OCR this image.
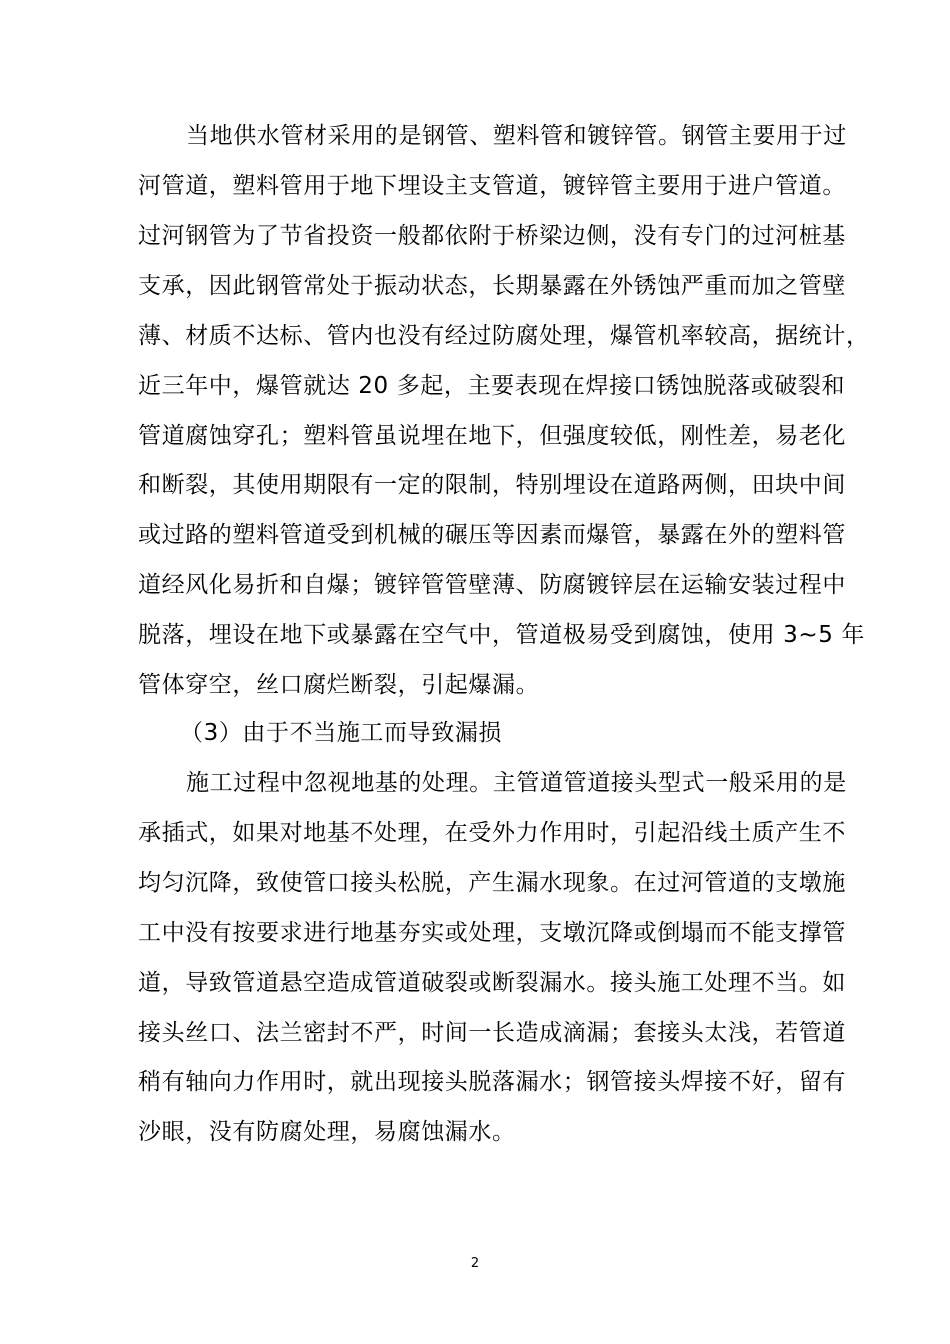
当地供水管材采用的是钢管、塑料管和镀锌管。钢管主要用于过
河管道，塑料管用于地下埋设主支管道，镀锌管主要用于进户管道。
过河钢管为了节省投资一般都依附于桥梁边侧，没有专门的过河桩基
支承，因此钢管常处于振动状态，长期暴露在外锈蚀严重而加之管壁
薄、材质不达标、管内也没有经过防腐处理，爆管机率较高，据统计，
近三年中，爆管就达 20 多起，主要表现在焊接口锈蚀脱落或破裂和
管道腐蚀穿孔；塑料管虽说埋在地下，但强度较低，刚性差，易老化
和断裂，其使用期限有一定的限制，特别埋设在道路两侧，田块中间
或过路的塑料管道受到机械的碾压等因素而爆管，暴露在外的塑料管
道经风化易折和自爆；镀锌管管壁薄、防腐镀锌层在运输安装过程中
脱落，埋设在地下或暴露在空气中，管道极易受到腐蚀，使用 3~5 年
管体穿空，丝口腐烂断裂，引起爆漏。
（3）由于不当施工而导致漏损
施工过程中忽视地基的处理。主管道管道接头型式一般采用的是
承插式，如果对地基不处理，在受外力作用时，引起沿线土质产生不
均匀沉降，致使管口接头松脱，产生漏水现象。在过河管道的支墩施
工中没有按要求进行地基夯实或处理，支墩沉降或倒塌而不能支撑管
道，导致管道悬空造成管道破裂或断裂漏水。接头施工处理不当。如
接头丝口、法兰密封不严，时间一长造成滴漏；套接头太浅，若管道
稍有轴向力作用时，就出现接头脱落漏水；钢管接头焊接不好，留有
沙眼，没有防腐处理，易腐蚀漏水。
2
